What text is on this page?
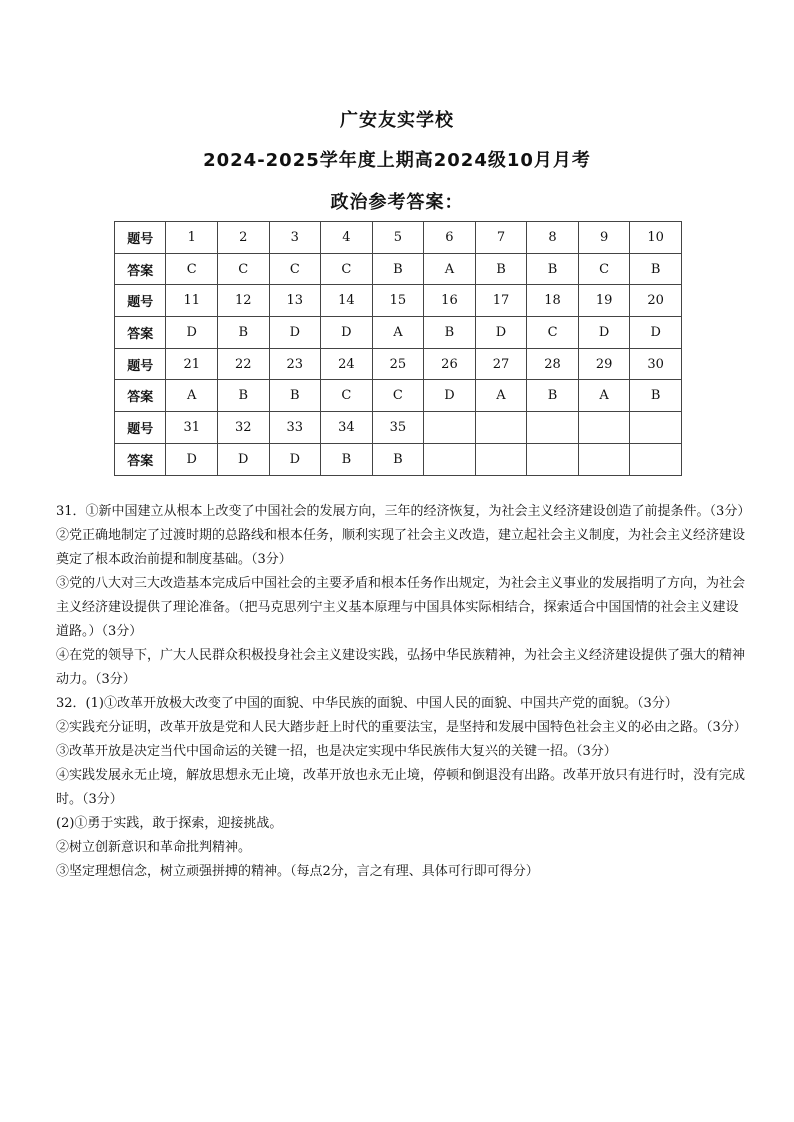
广安友实学校
2024-2025学年度上期高2024级10月月考
政治参考答案：
题号	1	2	3	4	5	6	7	8	9	10
答案	C	C	C	C	B	A	B	B	C	B
题号	11	12	13	14	15	16	17	18	19	20
答案	D	B	D	D	A	B	D	C	D	D
题号	21	22	23	24	25	26	27	28	29	30
答案	A	B	B	C	C	D	A	B	A	B
题号	31	32	33	34	35					
答案	D	D	D	B	B					

31．①新中国建立从根本上改变了中国社会的发展方向，三年的经济恢复，为社会主义经济建设创造了前提条件。（3分）

②党正确地制定了过渡时期的总路线和根本任务，顺利实现了社会主义改造，建立起社会主义制度，为社会主义经济建设奠定了根本政治前提和制度基础。（3分）

③党的八大对三大改造基本完成后中国社会的主要矛盾和根本任务作出规定，为社会主义事业的发展指明了方向，为社会主义经济建设提供了理论准备。（把马克思列宁主义基本原理与中国具体实际相结合，探索适合中国国情的社会主义建设道路。）（3分）

④在党的领导下，广大人民群众积极投身社会主义建设实践，弘扬中华民族精神，为社会主义经济建设提供了强大的精神动力。（3分）

32．(1)①改革开放极大改变了中国的面貌、中华民族的面貌、中国人民的面貌、中国共产党的面貌。（3分）

②实践充分证明，改革开放是党和人民大踏步赶上时代的重要法宝，是坚持和发展中国特色社会主义的必由之路。（3分）

③改革开放是决定当代中国命运的关键一招，也是决定实现中华民族伟大复兴的关键一招。（3分）

④实践发展永无止境，解放思想永无止境，改革开放也永无止境，停顿和倒退没有出路。改革开放只有进行时，没有完成时。（3分）

(2)①勇于实践，敢于探索，迎接挑战。

②树立创新意识和革命批判精神。

③坚定理想信念，树立顽强拼搏的精神。（每点2分，言之有理、具体可行即可得分）
